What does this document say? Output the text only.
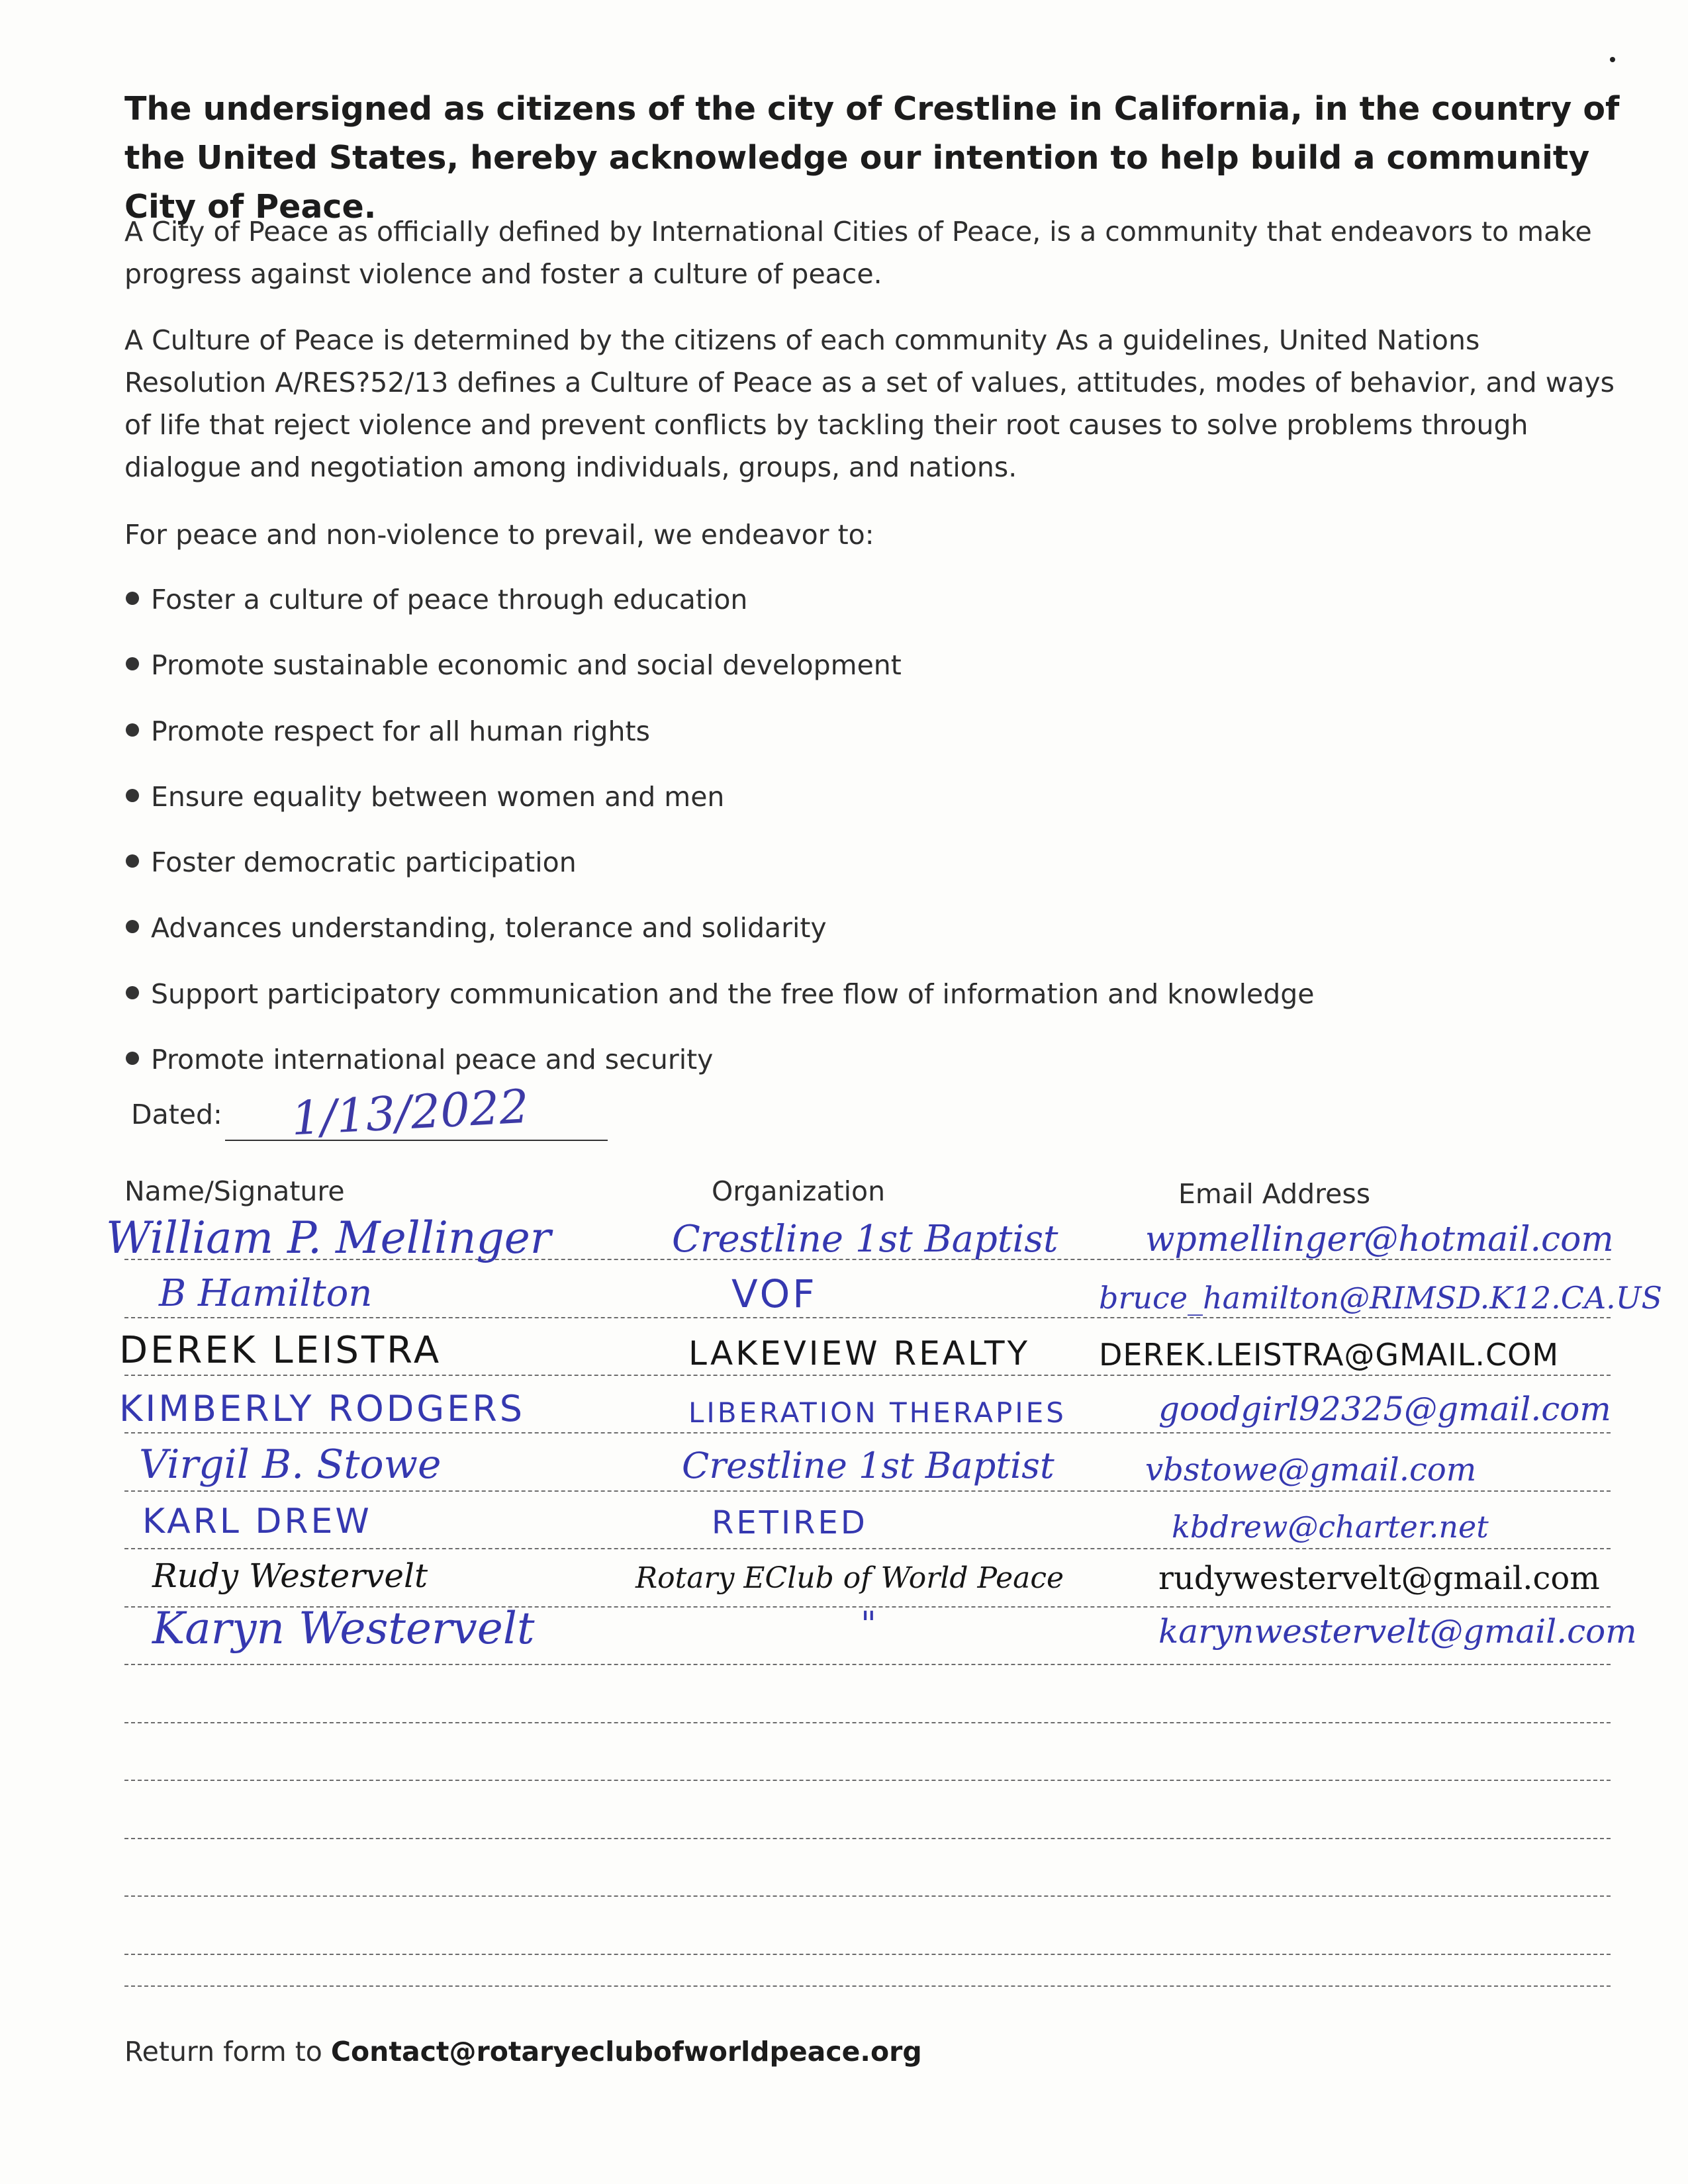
The undersigned as citizens of the city of Crestline in California, in the country of the United States, hereby acknowledge our intention to help build a community City of Peace.
A City of Peace as officially defined by International Cities of Peace, is a community that endeavors to make progress against violence and foster a culture of peace.
A Culture of Peace is determined by the citizens of each community As a guidelines, United Nations Resolution A/RES?52/13 defines a Culture of Peace as a set of values, attitudes, modes of behavior, and ways of life that reject violence and prevent conflicts by tackling their root causes to solve problems through dialogue and negotiation among individuals, groups, and nations.
For peace and non-violence to prevail, we endeavor to:
Foster a culture of peace through education
Promote sustainable economic and social development
Promote respect for all human rights
Ensure equality between women and men
Foster democratic participation
Advances understanding, tolerance and solidarity
Support participatory communication and the free flow of information and knowledge
Promote international peace and security
Dated: 1/13/2022
Name/Signature	Organization	Email Address
William P. Mellinger	Crestline 1st Baptist	wpmellinger@hotmail.com
B Hamilton	VOF	bruce_hamilton@RIMSD.K12.CA.US
DEREK LEISTRA	LAKEVIEW REALTY DEREK.LEISTRA@GMAIL.COM
KIMBERLY RODGERS	LIBERATION THERAPIES	goodgirl92325@gmail.com
Virgil B. Stowe	Crestline 1st Baptist	vbstowe@gmail.com
KARL DREW	RETIRED	kbdrew@charter.net
Rudy Westervelt	Rotary EClub of World Peace	rudywestervelt@gmail.com
Karyn Westervelt	"	karynwestervelt@gmail.com
Return form to Contact@rotaryeclubofworldpeace.org
